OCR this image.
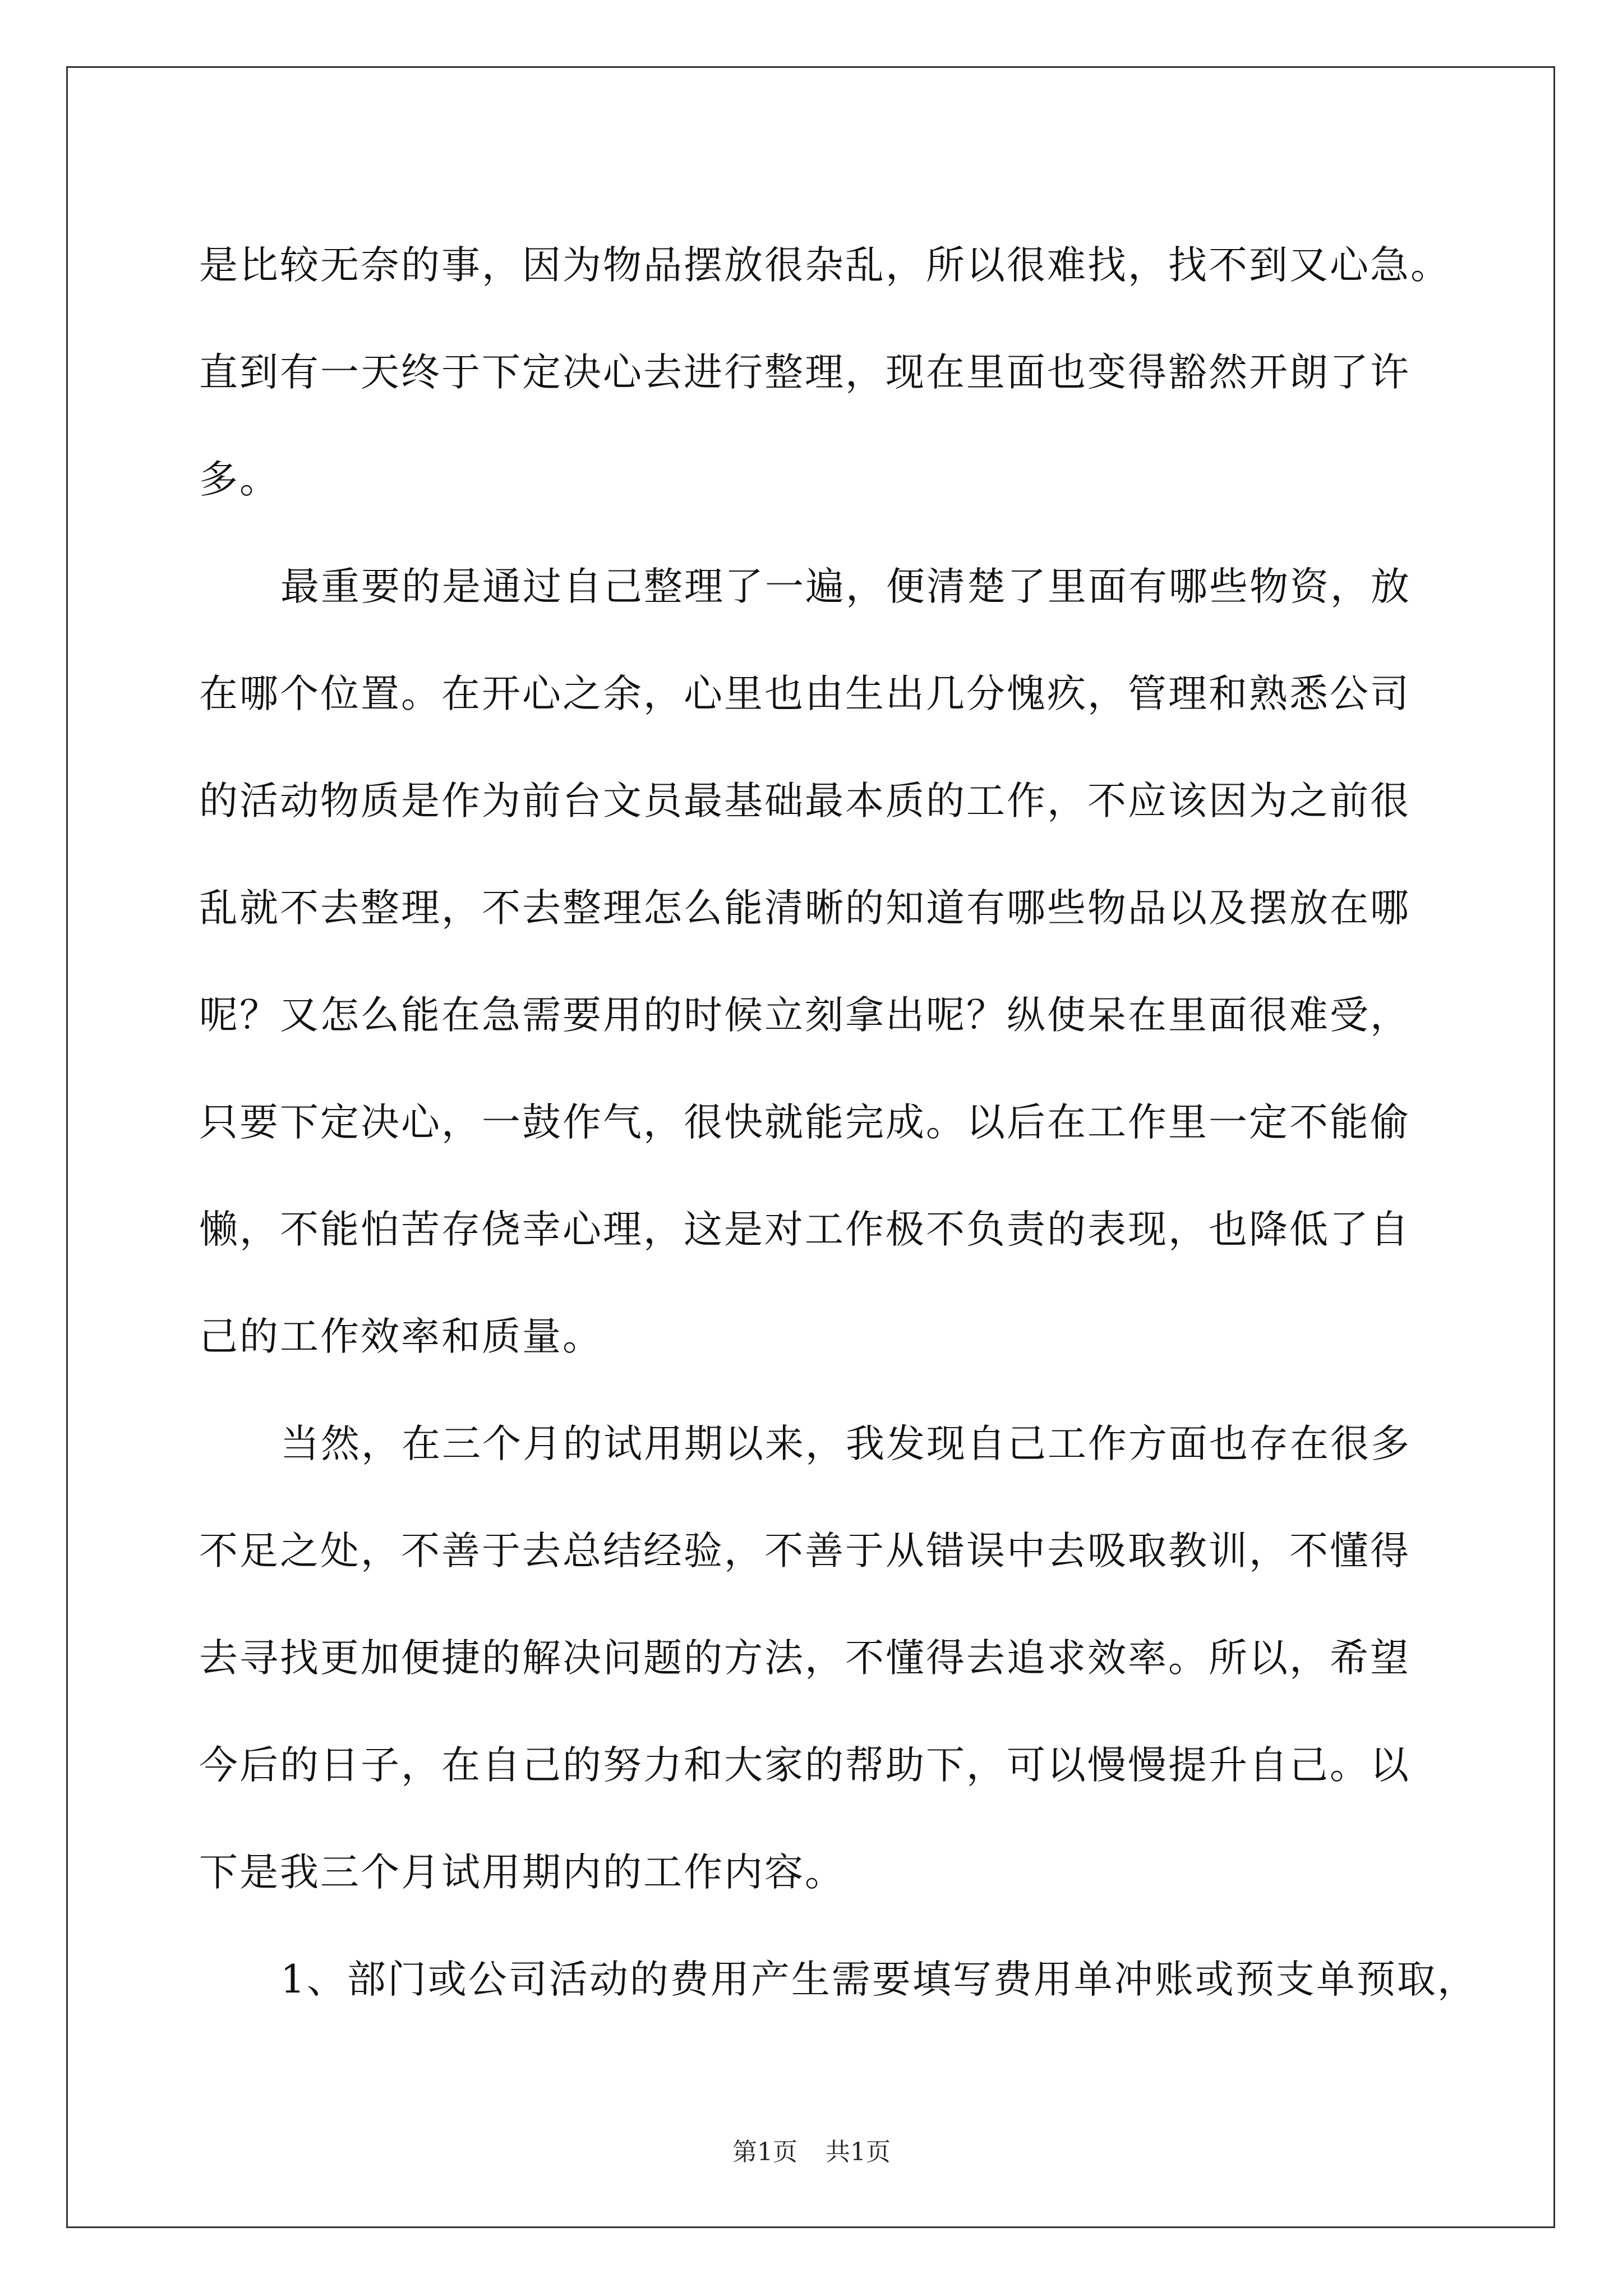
是比较无奈的事，因为物品摆放很杂乱，所以很难找，找不到又心急。
直到有一天终于下定决心去进行整理，现在里面也变得豁然开朗了许
多。
最重要的是通过自己整理了一遍，便清楚了里面有哪些物资，放
在哪个位置。在开心之余，心里也由生出几分愧疚，管理和熟悉公司
的活动物质是作为前台文员最基础最本质的工作，不应该因为之前很
乱就不去整理，不去整理怎么能清晰的知道有哪些物品以及摆放在哪
呢？又怎么能在急需要用的时候立刻拿出呢？纵使呆在里面很难受，
只要下定决心，一鼓作气，很快就能完成。以后在工作里一定不能偷
懒，不能怕苦存侥幸心理，这是对工作极不负责的表现，也降低了自
己的工作效率和质量。
当然，在三个月的试用期以来，我发现自己工作方面也存在很多
不足之处，不善于去总结经验，不善于从错误中去吸取教训，不懂得
去寻找更加便捷的解决问题的方法，不懂得去追求效率。所以，希望
今后的日子，在自己的努力和大家的帮助下，可以慢慢提升自己。以
下是我三个月试用期内的工作内容。
1、部门或公司活动的费用产生需要填写费用单冲账或预支单预取，
第1页 共1页
